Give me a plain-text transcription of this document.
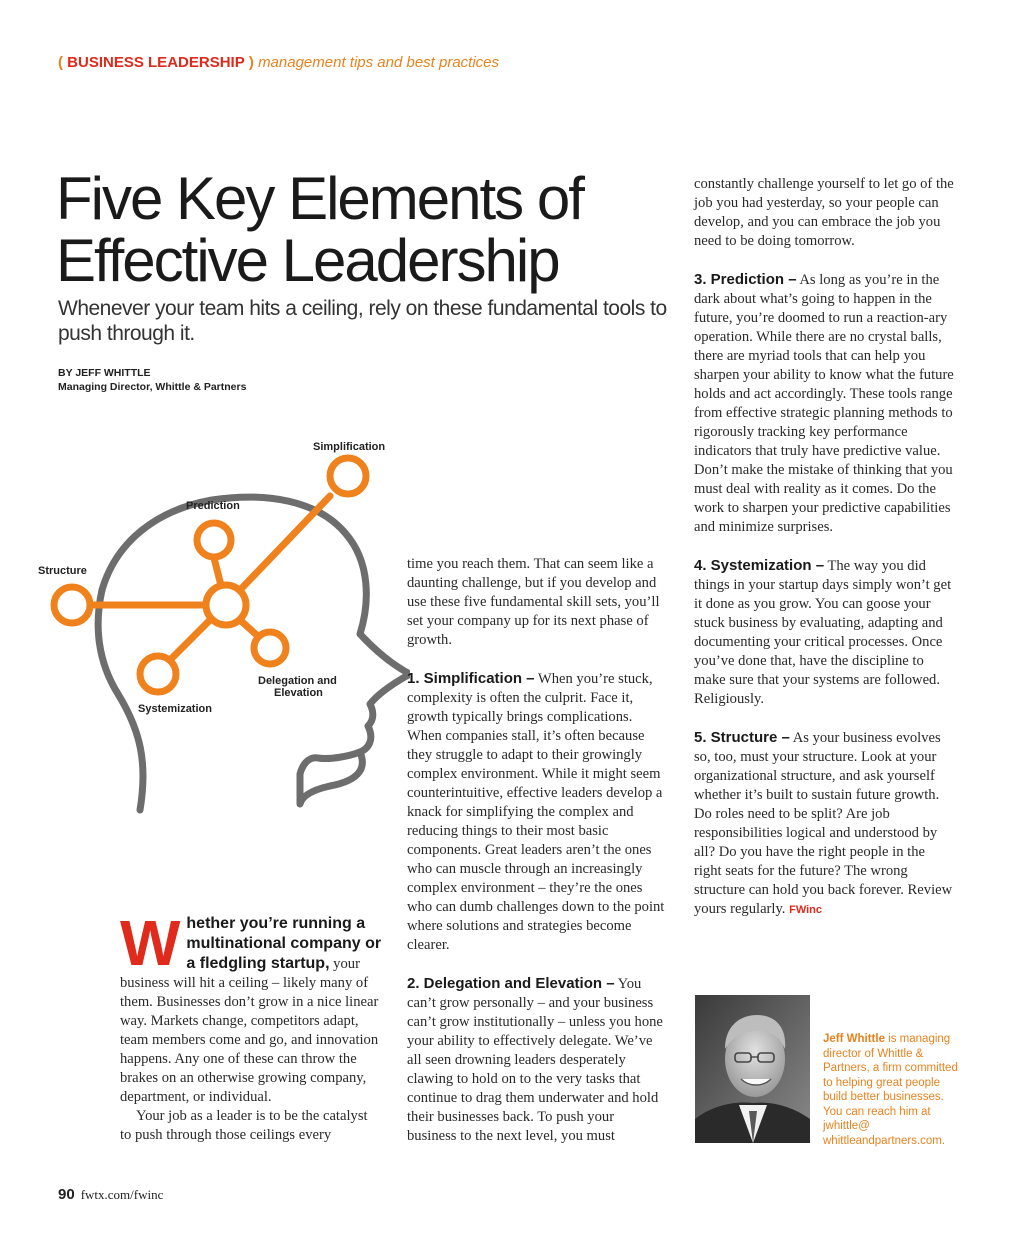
( BUSINESS LEADERSHIP ) management tips and best practices
Five Key Elements of
Effective Leadership
Whenever your team hits a ceiling, rely on these fundamental tools to push through it.
BY JEFF WHITTLE
Managing Director, Whittle & Partners
Simplification
Prediction
Structure
Delegation and
Elevation
Systemization

Whether you’re running a multinational company or a fledgling startup, your business will hit a ceiling – likely many of them. Businesses don’t grow in a nice linear way. Markets change, competitors adapt, team members come and go, and innovation happens. Any one of these can throw the brakes on an otherwise growing company, department, or individual.

Your job as a leader is to be the catalyst to push through those ceilings every

time you reach them. That can seem like a daunting challenge, but if you develop and use these five fundamental skill sets, you’ll set your company up for its next phase of growth.

1. Simplification – When you’re stuck, complexity is often the culprit. Face it, growth typically brings complications. When companies stall, it’s often because they struggle to adapt to their growingly complex environment. While it might seem counterintuitive, effective leaders develop a knack for simplifying the complex and reducing things to their most basic components. Great leaders aren’t the ones who can muscle through an increasingly complex environment – they’re the ones who can dumb challenges down to the point where solutions and strategies become clearer.

2. Delegation and Elevation – You can’t grow personally – and your business can’t grow institutionally – unless you hone your ability to effectively delegate. We’ve all seen drowning leaders desperately clawing to hold on to the very tasks that continue to drag them underwater and hold their businesses back. To push your business to the next level, you must

constantly challenge yourself to let go of the job you had yesterday, so your people can develop, and you can embrace the job you need to be doing tomorrow.

3. Prediction – As long as you’re in the dark about what’s going to happen in the future, you’re doomed to run a reaction-ary operation. While there are no crystal balls, there are myriad tools that can help you sharpen your ability to know what the future holds and act accordingly. These tools range from effective strategic planning methods to rigorously tracking key performance indicators that truly have predictive value. Don’t make the mistake of thinking that you must deal with reality as it comes. Do the work to sharpen your predictive capabilities and minimize surprises.

4. Systemization – The way you did things in your startup days simply won’t get it done as you grow. You can goose your stuck business by evaluating, adapting and documenting your critical processes. Once you’ve done that, have the discipline to make sure that your systems are followed. Religiously.

5. Structure – As your business evolves so, too, must your structure. Look at your organizational structure, and ask yourself whether it’s built to sustain future growth. Do roles need to be split? Are job responsibilities logical and understood by all? Do you have the right people in the right seats for the future? The wrong structure can hold you back forever. Review yours regularly. FWinc

Jeff Whittle is managing director of Whittle & Partners, a firm committed to helping great people build better businesses. You can reach him at jwhittle@ whittleandpartners.com.
90 fwtx.com/fwinc
